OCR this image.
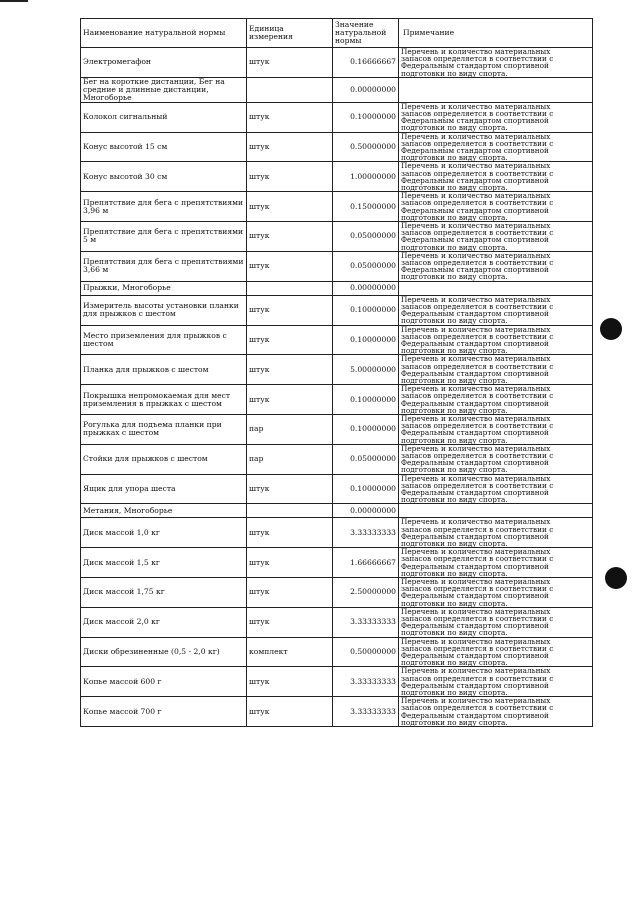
Наименование натуральной нормы	Единица измерения	Значение натуральной нормы	Примечание
Электромегафон	штук	0.16666667	Перечень и количество материальных
запасов определяется в соответствии с
Федеральным стандартом спортивной
подготовки по виду спорта.

Бег на короткие дистанции, Бег на средние и длинные дистанции, Многоборье		0.00000000	
Колокол сигнальный	штук	0.10000000	Перечень и количество материальных
запасов определяется в соответствии с
Федеральным стандартом спортивной
подготовки по виду спорта.

Конус высотой 15 см	штук	0.50000000	Перечень и количество материальных
запасов определяется в соответствии с
Федеральным стандартом спортивной
подготовки по виду спорта.

Конус высотой 30 см	штук	1.00000000	Перечень и количество материальных
запасов определяется в соответствии с
Федеральным стандартом спортивной
подготовки по виду спорта.

Препятствие для бега с препятствиями 3,96 м	штук	0.15000000	Перечень и количество материальных
запасов определяется в соответствии с
Федеральным стандартом спортивной
подготовки по виду спорта.

Препятствие для бега с препятствиями 5 м	штук	0.05000000	Перечень и количество материальных
запасов определяется в соответствии с
Федеральным стандартом спортивной
подготовки по виду спорта.

Препятствия для бега с препятствиями 3,66 м	штук	0.05000000	Перечень и количество материальных
запасов определяется в соответствии с
Федеральным стандартом спортивной
подготовки по виду спорта.

Прыжки, Многоборье		0.00000000	
Измеритель высоты установки планки для прыжков с шестом	штук	0.10000000	Перечень и количество материальных
запасов определяется в соответствии с
Федеральным стандартом спортивной
подготовки по виду спорта.

Место приземления для прыжков с шестом	штук	0.10000000	Перечень и количество материальных
запасов определяется в соответствии с
Федеральным стандартом спортивной
подготовки по виду спорта.

Планка для прыжков с шестом	штук	5.00000000	Перечень и количество материальных
запасов определяется в соответствии с
Федеральным стандартом спортивной
подготовки по виду спорта.

Покрышка непромокаемая для мест приземления в прыжках с шестом	штук	0.10000000	Перечень и количество материальных
запасов определяется в соответствии с
Федеральным стандартом спортивной
подготовки по виду спорта.

Рогулька для подъема планки при прыжках с шестом	пар	0.10000000	Перечень и количество материальных
запасов определяется в соответствии с
Федеральным стандартом спортивной
подготовки по виду спорта.

Стойки для прыжков с шестом	пар	0.05000000	Перечень и количество материальных
запасов определяется в соответствии с
Федеральным стандартом спортивной
подготовки по виду спорта.

Ящик для упора шеста	штук	0.10000000	Перечень и количество материальных
запасов определяется в соответствии с
Федеральным стандартом спортивной
подготовки по виду спорта.

Метания, Многоборье		0.00000000	
Диск массой 1,0 кг	штук	3.33333333	Перечень и количество материальных
запасов определяется в соответствии с
Федеральным стандартом спортивной
подготовки по виду спорта.

Диск массой 1,5 кг	штук	1.66666667	Перечень и количество материальных
запасов определяется в соответствии с
Федеральным стандартом спортивной
подготовки по виду спорта.

Диск массой 1,75 кг	штук	2.50000000	Перечень и количество материальных
запасов определяется в соответствии с
Федеральным стандартом спортивной
подготовки по виду спорта.

Диск массой 2,0 кг	штук	3.33333333	Перечень и количество материальных
запасов определяется в соответствии с
Федеральным стандартом спортивной
подготовки по виду спорта.

Диски обрезиненные (0,5 - 2,0 кг)	комплект	0.50000000	Перечень и количество материальных
запасов определяется в соответствии с
Федеральным стандартом спортивной
подготовки по виду спорта.

Копье массой 600 г	штук	3.33333333	Перечень и количество материальных
запасов определяется в соответствии с
Федеральным стандартом спортивной
подготовки по виду спорта.

Копье массой 700 г	штук	3.33333333	Перечень и количество материальных
запасов определяется в соответствии с
Федеральным стандартом спортивной
подготовки по виду спорта.
